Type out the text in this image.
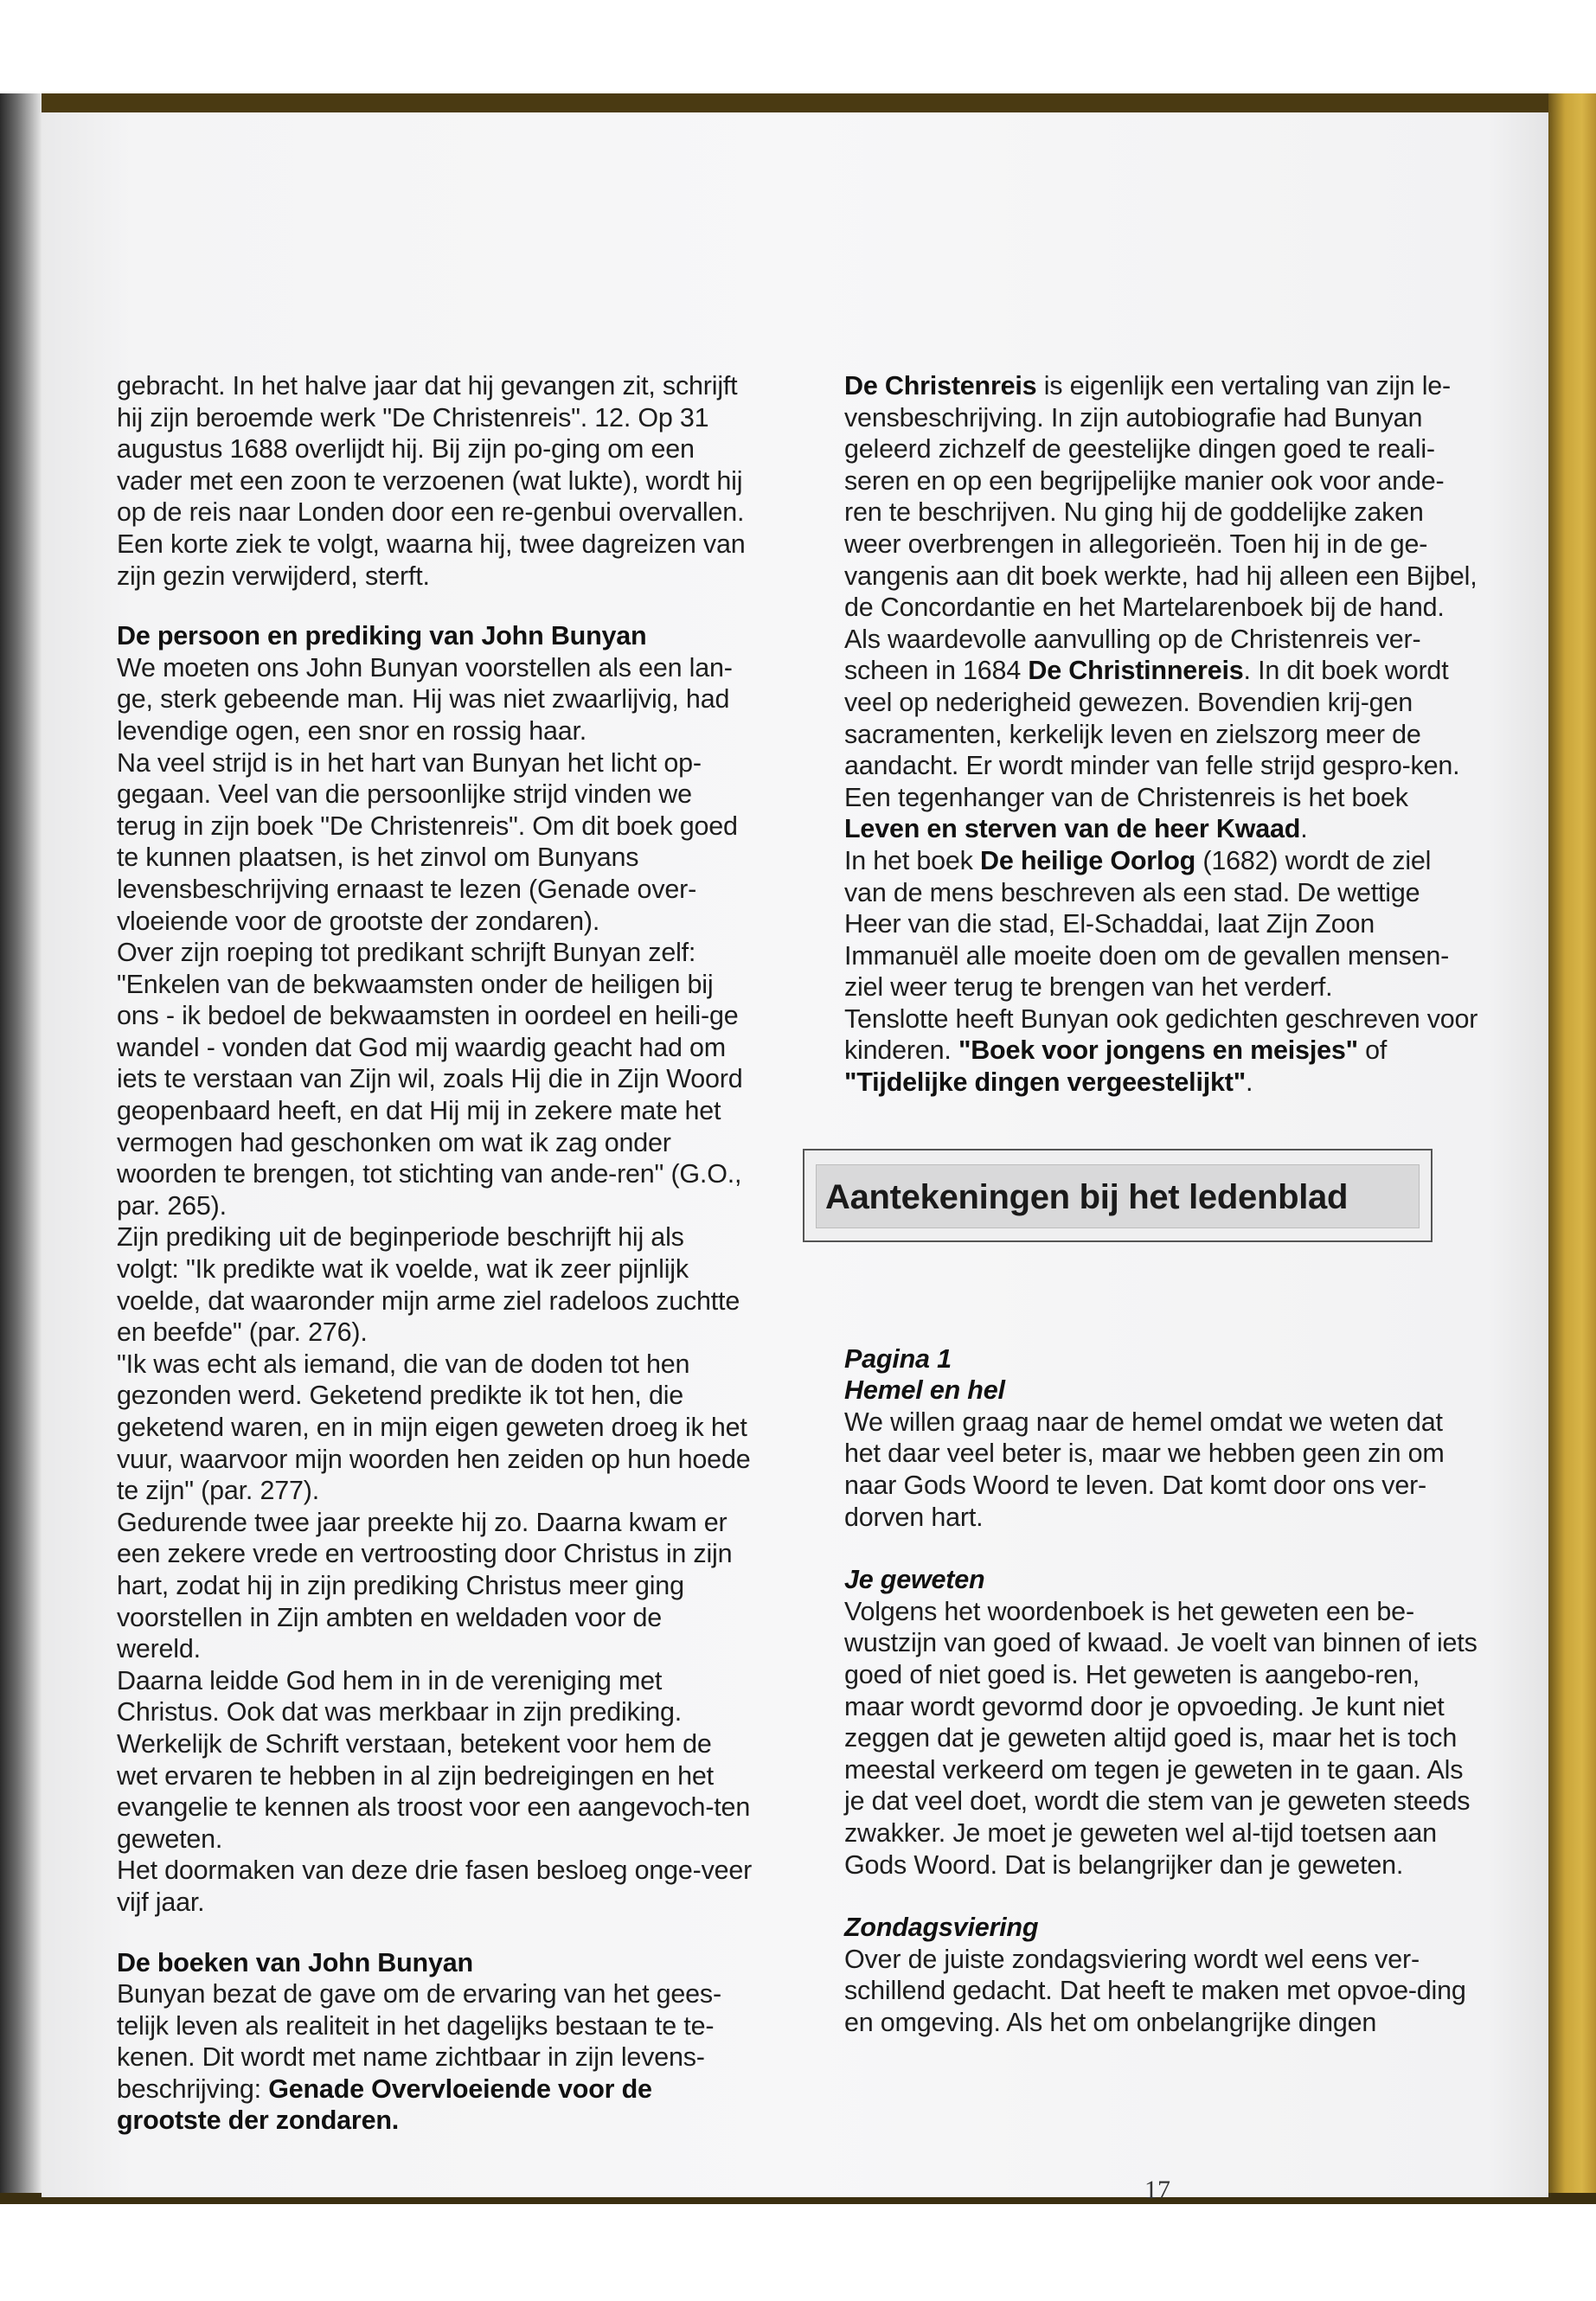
gebracht. In het halve jaar dat hij gevangen zit, schrijft hij zijn beroemde werk "De Christenreis". 12. Op 31 augustus 1688 overlijdt hij. Bij zijn po-ging om een vader met een zoon te verzoenen (wat lukte), wordt hij op de reis naar Londen door een re-genbui overvallen. Een korte ziek te volgt, waarna hij, twee dagreizen van zijn gezin verwijderd, sterft.

De persoon en prediking van John Bunyan

We moeten ons John Bunyan voorstellen als een lan-ge, sterk gebeende man. Hij was niet zwaarlijvig, had levendige ogen, een snor en rossig haar.

Na veel strijd is in het hart van Bunyan het licht op-gegaan. Veel van die persoonlijke strijd vinden we terug in zijn boek "De Christenreis". Om dit boek goed te kunnen plaatsen, is het zinvol om Bunyans levensbeschrijving ernaast te lezen (Genade over-vloeiende voor de grootste der zondaren).

Over zijn roeping tot predikant schrijft Bunyan zelf: "Enkelen van de bekwaamsten onder de heiligen bij ons - ik bedoel de bekwaamsten in oordeel en heili-ge wandel - vonden dat God mij waardig geacht had om iets te verstaan van Zijn wil, zoals Hij die in Zijn Woord geopenbaard heeft, en dat Hij mij in zekere mate het vermogen had geschonken om wat ik zag onder woorden te brengen, tot stichting van ande-ren" (G.O., par. 265).

Zijn prediking uit de beginperiode beschrijft hij als volgt: "Ik predikte wat ik voelde, wat ik zeer pijnlijk voelde, dat waaronder mijn arme ziel radeloos zuchtte en beefde" (par. 276).

"Ik was echt als iemand, die van de doden tot hen gezonden werd. Geketend predikte ik tot hen, die geketend waren, en in mijn eigen geweten droeg ik het vuur, waarvoor mijn woorden hen zeiden op hun hoede te zijn" (par. 277).

Gedurende twee jaar preekte hij zo. Daarna kwam er een zekere vrede en vertroosting door Christus in zijn hart, zodat hij in zijn prediking Christus meer ging voorstellen in Zijn ambten en weldaden voor de wereld.

Daarna leidde God hem in in de vereniging met Christus. Ook dat was merkbaar in zijn prediking. Werkelijk de Schrift verstaan, betekent voor hem de wet ervaren te hebben in al zijn bedreigingen en het evangelie te kennen als troost voor een aangevoch-ten geweten.

Het doormaken van deze drie fasen besloeg onge-veer vijf jaar.

De boeken van John Bunyan

Bunyan bezat de gave om de ervaring van het gees-telijk leven als realiteit in het dagelijks bestaan te te-kenen. Dit wordt met name zichtbaar in zijn levens-beschrijving: Genade Overvloeiende voor de grootste der zondaren.

De Christenreis is eigenlijk een vertaling van zijn le-vensbeschrijving. In zijn autobiografie had Bunyan geleerd zichzelf de geestelijke dingen goed te reali-seren en op een begrijpelijke manier ook voor ande-ren te beschrijven. Nu ging hij de goddelijke zaken weer overbrengen in allegorieën. Toen hij in de ge-vangenis aan dit boek werkte, had hij alleen een Bijbel, de Concordantie en het Martelarenboek bij de hand.

Als waardevolle aanvulling op de Christenreis ver-scheen in 1684 De Christinnereis. In dit boek wordt veel op nederigheid gewezen. Bovendien krij-gen sacramenten, kerkelijk leven en zielszorg meer de aandacht. Er wordt minder van felle strijd gespro-ken.

Een tegenhanger van de Christenreis is het boek Leven en sterven van de heer Kwaad.

In het boek De heilige Oorlog (1682) wordt de ziel van de mens beschreven als een stad. De wettige Heer van die stad, El-Schaddai, laat Zijn Zoon Immanuël alle moeite doen om de gevallen mensen-ziel weer terug te brengen van het verderf.

Tenslotte heeft Bunyan ook gedichten geschreven voor kinderen. "Boek voor jongens en meisjes" of "Tijdelijke dingen vergeestelijkt".

Pagina 1

Hemel en hel

We willen graag naar de hemel omdat we weten dat het daar veel beter is, maar we hebben geen zin om naar Gods Woord te leven. Dat komt door ons ver-dorven hart.

Je geweten

Volgens het woordenboek is het geweten een be-wustzijn van goed of kwaad. Je voelt van binnen of iets goed of niet goed is. Het geweten is aangebo-ren, maar wordt gevormd door je opvoeding. Je kunt niet zeggen dat je geweten altijd goed is, maar het is toch meestal verkeerd om tegen je geweten in te gaan. Als je dat veel doet, wordt die stem van je geweten steeds zwakker. Je moet je geweten wel al-tijd toetsen aan Gods Woord. Dat is belangrijker dan je geweten.

Zondagsviering

Over de juiste zondagsviering wordt wel eens ver-schillend gedacht. Dat heeft te maken met opvoe-ding en omgeving. Als het om onbelangrijke dingen

17
Aantekeningen bij het ledenblad
